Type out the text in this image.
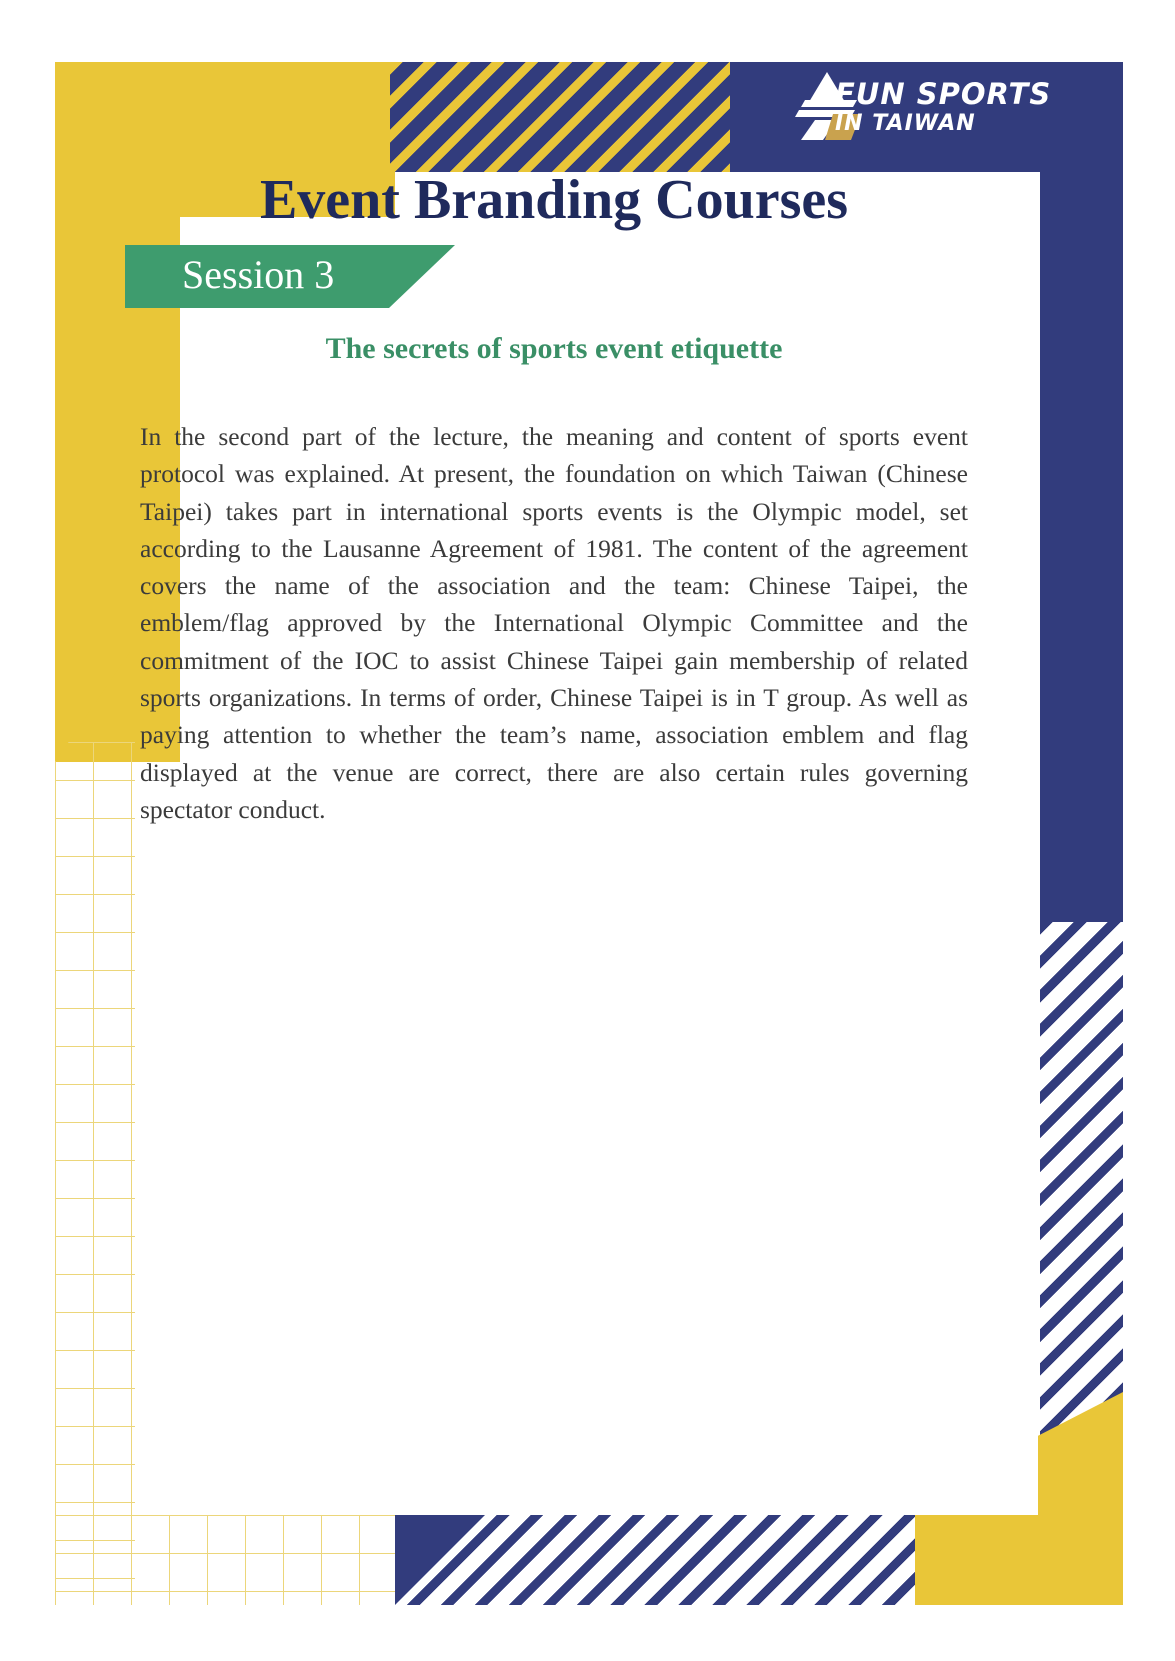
FUN SPORTS
IN TAIWAN
Event Branding Courses
Session 3
The secrets of sports event etiquette

In the second part of the lecture, the meaning and content of sports event protocol was explained. At present, the foundation on which Taiwan (Chinese Taipei) takes part in international sports events is the Olympic model, set according to the Lausanne Agreement of 1981. The content of the agreement covers the name of the association and the team: Chinese Taipei, the emblem/flag approved by the International Olympic Committee and the commitment of the IOC to assist Chinese Taipei gain membership of related sports organizations. In terms of order, Chinese Taipei is in T group. As well as paying attention to whether the team’s name, association emblem and flag displayed at the venue are correct, there are also certain rules governing spectator conduct.
